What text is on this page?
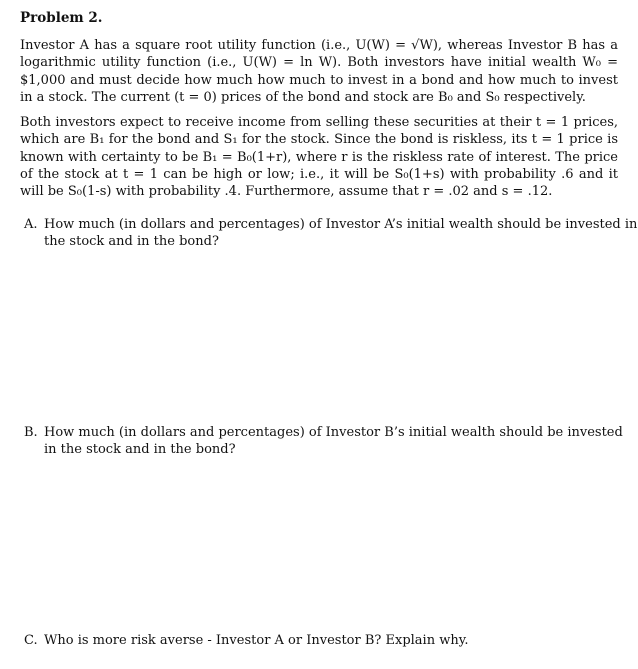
Problem 2.

Investor A has a square root utility function (i.e., U(W) = √W), whereas Investor B has a logarithmic utility function (i.e., U(W) = ln W). Both investors have initial wealth W₀ = $1,000 and must decide how much how much to invest in a bond and how much to invest in a stock. The current (t = 0) prices of the bond and stock are B₀ and S₀ respectively.

Both investors expect to receive income from selling these securities at their t = 1 prices, which are B₁ for the bond and S₁ for the stock. Since the bond is riskless, its t = 1 price is known with certainty to be B₁ = B₀(1+r), where r is the riskless rate of interest. The price of the stock at t = 1 can be high or low; i.e., it will be S₀(1+s) with probability .6 and it will be S₀(1-s) with probability .4. Furthermore, assume that r = .02 and s = .12.

A. How much (in dollars and percentages) of Investor A’s initial wealth should be invested in the stock and in the bond?

B. How much (in dollars and percentages) of Investor B’s initial wealth should be invested in the stock and in the bond?

C. Who is more risk averse - Investor A or Investor B? Explain why.
